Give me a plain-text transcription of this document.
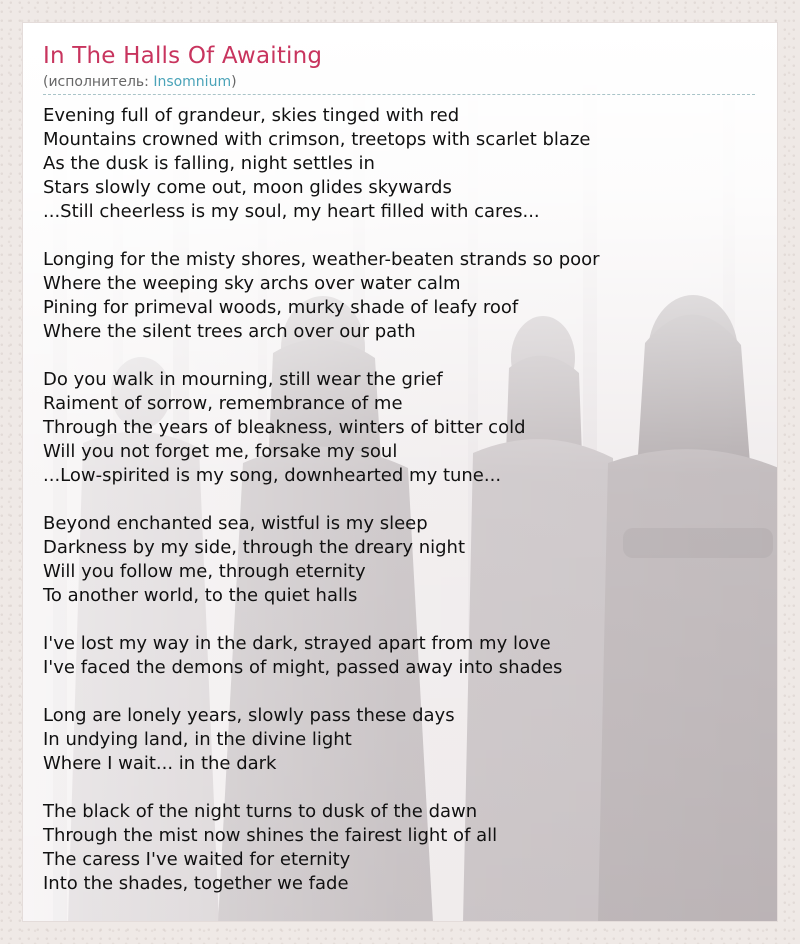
In The Halls Of Awaiting
(исполнитель: Insomnium)
Evening full of grandeur, skies tinged with red
Mountains crowned with crimson, treetops with scarlet blaze
As the dusk is falling, night settles in
Stars slowly come out, moon glides skywards
...Still cheerless is my soul, my heart filled with cares...
Longing for the misty shores, weather-beaten strands so poor
Where the weeping sky archs over water calm
Pining for primeval woods, murky shade of leafy roof
Where the silent trees arch over our path
Do you walk in mourning, still wear the grief
Raiment of sorrow, remembrance of me
Through the years of bleakness, winters of bitter cold
Will you not forget me, forsake my soul
...Low-spirited is my song, downhearted my tune...
Beyond enchanted sea, wistful is my sleep
Darkness by my side, through the dreary night
Will you follow me, through eternity
To another world, to the quiet halls
I've lost my way in the dark, strayed apart from my love
I've faced the demons of might, passed away into shades
Long are lonely years, slowly pass these days
In undying land, in the divine light
Where I wait... in the dark
The black of the night turns to dusk of the dawn
Through the mist now shines the fairest light of all
The caress I've waited for eternity
Into the shades, together we fade
